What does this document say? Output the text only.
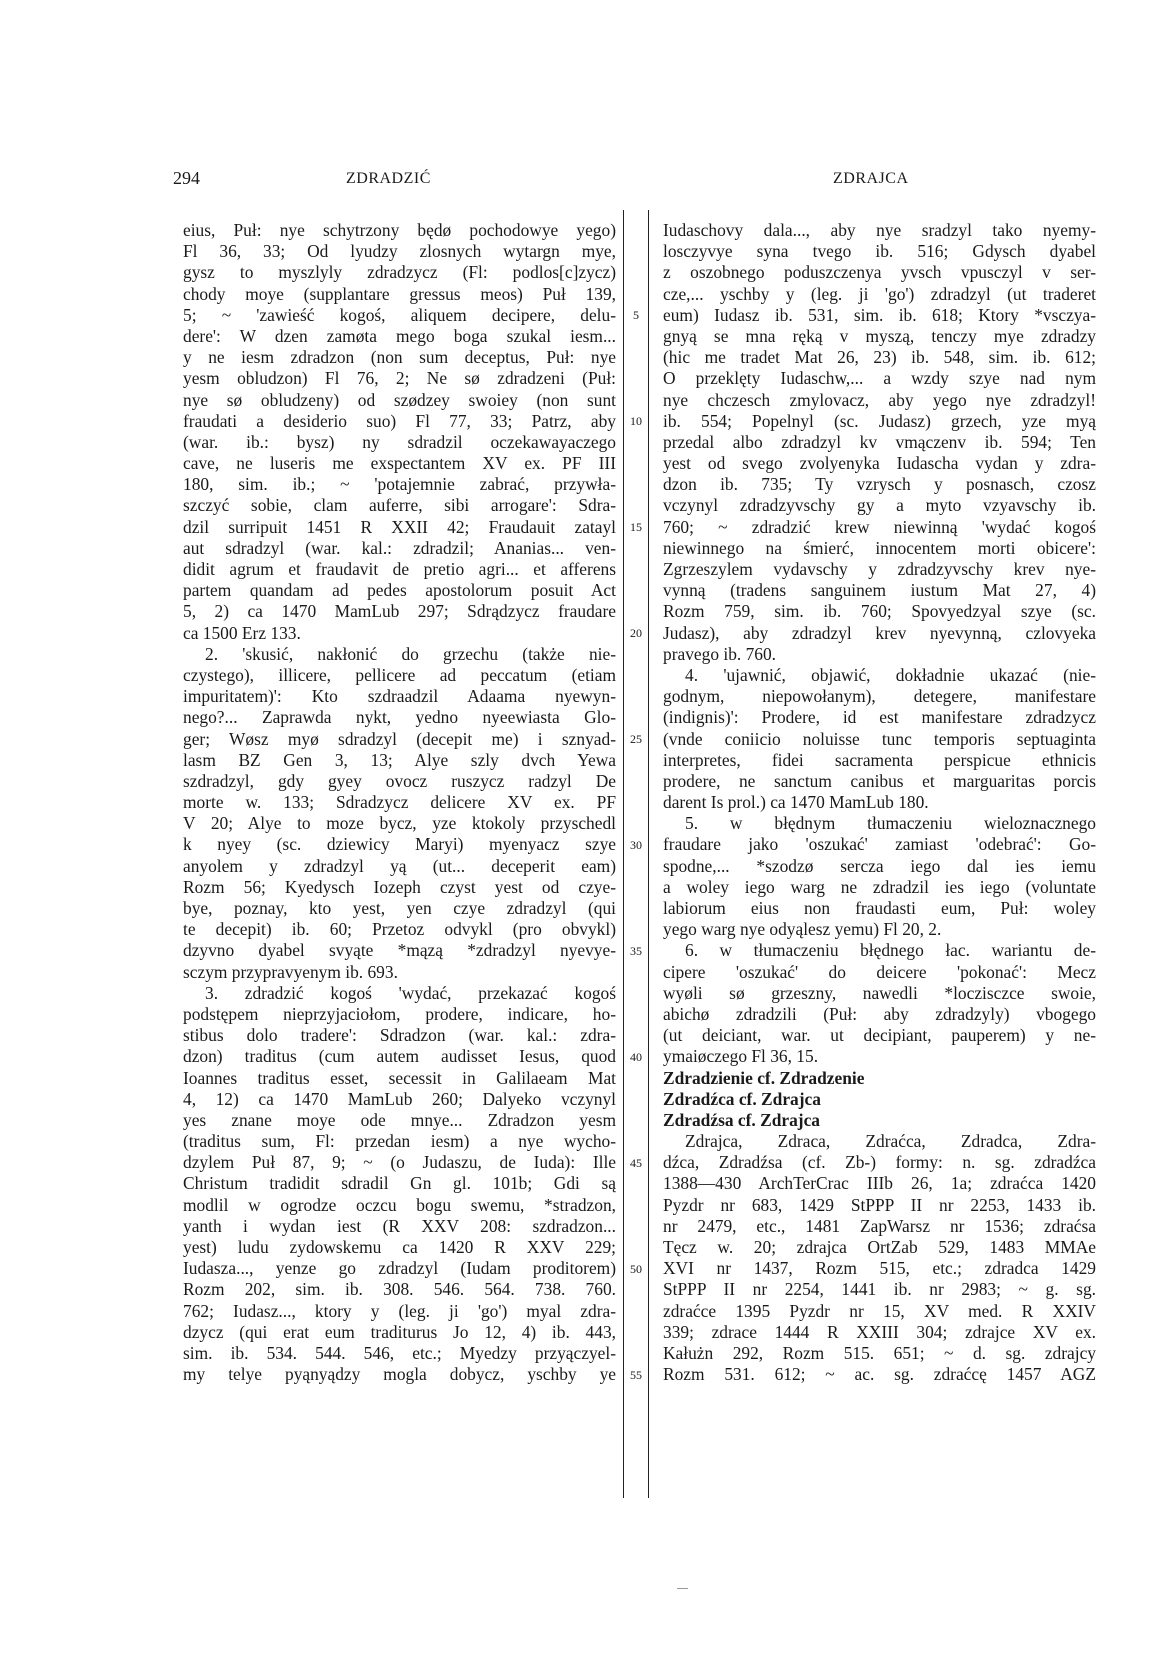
294	ZDRADZIĆ	ZDRAJCA
eius, Puł: nye schytrzony będø pochodowye yego)
Fl 36, 33; Od lyudzy zlosnych wytargn mye,
gysz to myszlyly zdradzycz (Fl: podlos[c]zycz)
chody moye (supplantare gressus meos) Puł 139,
5; ~ 'zawieść kogoś, aliquem decipere, delu-
dere': W dzen zamøta mego boga szukal iesm...
y ne iesm zdradzon (non sum deceptus, Puł: nye
yesm obludzon) Fl 76, 2; Ne sø zdradzeni (Puł:
nye sø obludzeny) od szødzey swoiey (non sunt
fraudati a desiderio suo) Fl 77, 33; Patrz, aby
(war. ib.: bysz) ny sdradzil oczekawayaczego
cave, ne luseris me exspectantem XV ex. PF III
180, sim. ib.; ~ 'potajemnie zabrać, przywła-
szczyć sobie, clam auferre, sibi arrogare': Sdra-
dzil surripuit 1451 R XXII 42; Fraudauit zatayl
aut sdradzyl (war. kal.: zdradzil; Ananias... ven-
didit agrum et fraudavit de pretio agri... et afferens
partem quandam ad pedes apostolorum posuit Act
5, 2) ca 1470 MamLub 297; Sdrądzycz fraudare
ca 1500 Erz 133.
2. 'skusić, nakłonić do grzechu (także nie-
czystego), illicere, pellicere ad peccatum (etiam
impuritatem)': Kto szdraadzil Adaama nyewyn-
nego?... Zaprawda nykt, yedno nyeewiasta Glo-
ger; Wøsz myø sdradzyl (decepit me) i sznyad-
lasm BZ Gen 3, 13; Alye szly dvch Yewa
szdradzyl, gdy gyey ovocz ruszycz radzyl De
morte w. 133; Sdradzycz delicere XV ex. PF
V 20; Alye to moze bycz, yze ktokoly przyschedl
k nyey (sc. dziewicy Maryi) myenyacz szye
anyolem y zdradzyl yą (ut... deceperit eam)
Rozm 56; Kyedysch Iozeph czyst yest od czye-
bye, poznay, kto yest, yen czye zdradzyl (qui
te decepit) ib. 60; Przetoz odvykl (pro obvykl)
dzyvno dyabel svyąte *mązą *zdradzyl nyevye-
sczym przypravyenym ib. 693.
3. zdradzić kogoś 'wydać, przekazać kogoś
podstępem nieprzyjaciołom, prodere, indicare, ho-
stibus dolo tradere': Sdradzon (war. kal.: zdra-
dzon) traditus (cum autem audisset Iesus, quod
Ioannes traditus esset, secessit in Galilaeam Mat
4, 12) ca 1470 MamLub 260; Dalyeko vczynyl
yes znane moye ode mnye... Zdradzon yesm
(traditus sum, Fl: przedan iesm) a nye wycho-
dzylem Puł 87, 9; ~ (o Judaszu, de Iuda): Ille
Christum tradidit sdradil Gn gl. 101b; Gdi są
modlil w ogrodze oczcu bogu swemu, *stradzon,
yanth i wydan iest (R XXV 208: szdradzon...
yest) ludu zydowskemu ca 1420 R XXV 229;
Iudasza..., yenze go zdradzyl (Iudam proditorem)
Rozm 202, sim. ib. 308. 546. 564. 738. 760.
762; Iudasz..., ktory y (leg. ji 'go') myal zdra-
dzycz (qui erat eum traditurus Jo 12, 4) ib. 443,
sim. ib. 534. 544. 546, etc.; Myedzy przyączyel-
my telye pyąnyądzy mogla dobycz, yschby ye
5
10
15
20
25
30
35
40
45
50
55
Iudaschovy dala..., aby nye sradzyl tako nyemy-
losczyvye syna tvego ib. 516; Gdysch dyabel
z oszobnego poduszczenya yvsch vpusczyl v ser-
cze,... yschby y (leg. ji 'go') zdradzyl (ut traderet
eum) Iudasz ib. 531, sim. ib. 618; Ktory *vsczya-
gnyą se mna ręką v myszą, tenczy mye zdradzy
(hic me tradet Mat 26, 23) ib. 548, sim. ib. 612;
O przeklęty Iudaschw,... a wzdy szye nad nym
nye chczesch zmylovacz, aby yego nye zdradzyl!
ib. 554; Popelnyl (sc. Judasz) grzech, yze myą
przedal albo zdradzyl kv vmączenv ib. 594; Ten
yest od svego zvolyenyka Iudascha vydan y zdra-
dzon ib. 735; Ty vzrysch y posnasch, czosz
vczynyl zdradzyvschy gy a myto vzyavschy ib.
760; ~ zdradzić krew niewinną 'wydać kogoś
niewinnego na śmierć, innocentem morti obicere':
Zgrzeszylem vydavschy y zdradzyvschy krev nye-
vynną (tradens sanguinem iustum Mat 27, 4)
Rozm 759, sim. ib. 760; Spovyedzyal szye (sc.
Judasz), aby zdradzyl krev nyevynną, czlovyeka
pravego ib. 760.
4. 'ujawnić, objawić, dokładnie ukazać (nie-
godnym, niepowołanym), detegere, manifestare
(indignis)': Prodere, id est manifestare zdradzycz
(vnde coniicio noluisse tunc temporis septuaginta
interpretes, fidei sacramenta perspicue ethnicis
prodere, ne sanctum canibus et marguaritas porcis
darent Is prol.) ca 1470 MamLub 180.
5. w błędnym tłumaczeniu wieloznacznego
fraudare jako 'oszukać' zamiast 'odebrać': Go-
spodne,... *szodzø sercza iego dal ies iemu
a woley iego warg ne zdradzil ies iego (voluntate
labiorum eius non fraudasti eum, Puł: woley
yego warg nye odyąlesz yemu) Fl 20, 2.
6. w tłumaczeniu błędnego łac. wariantu de-
cipere 'oszukać' do deicere 'pokonać': Mecz
wyøli sø grzeszny, nawedli *loczisczce swoie,
abichø zdradzili (Puł: aby zdradzyly) vbogego
(ut deiciant, war. ut decipiant, pauperem) y ne-
ymaiøczego Fl 36, 15.
Zdradzienie cf. Zdradzenie
Zdradźca cf. Zdrajca
Zdradźsa cf. Zdrajca
Zdrajca, Zdraca, Zdraćca, Zdradca, Zdra-
dźca, Zdradźsa (cf. Zb-) formy: n. sg. zdradźca
1388—430 ArchTerCrac IIIb 26, 1a; zdraćca 1420
Pyzdr nr 683, 1429 StPPP II nr 2253, 1433 ib.
nr 2479, etc., 1481 ZapWarsz nr 1536; zdraćsa
Tęcz w. 20; zdrajca OrtZab 529, 1483 MMAe
XVI nr 1437, Rozm 515, etc.; zdradca 1429
StPPP II nr 2254, 1441 ib. nr 2983; ~ g. sg.
zdraćce 1395 Pyzdr nr 15, XV med. R XXIV
339; zdrace 1444 R XXIII 304; zdrajce XV ex.
Kałużn 292, Rozm 515. 651; ~ d. sg. zdrajcy
Rozm 531. 612; ~ ac. sg. zdraćcę 1457 AGZ
